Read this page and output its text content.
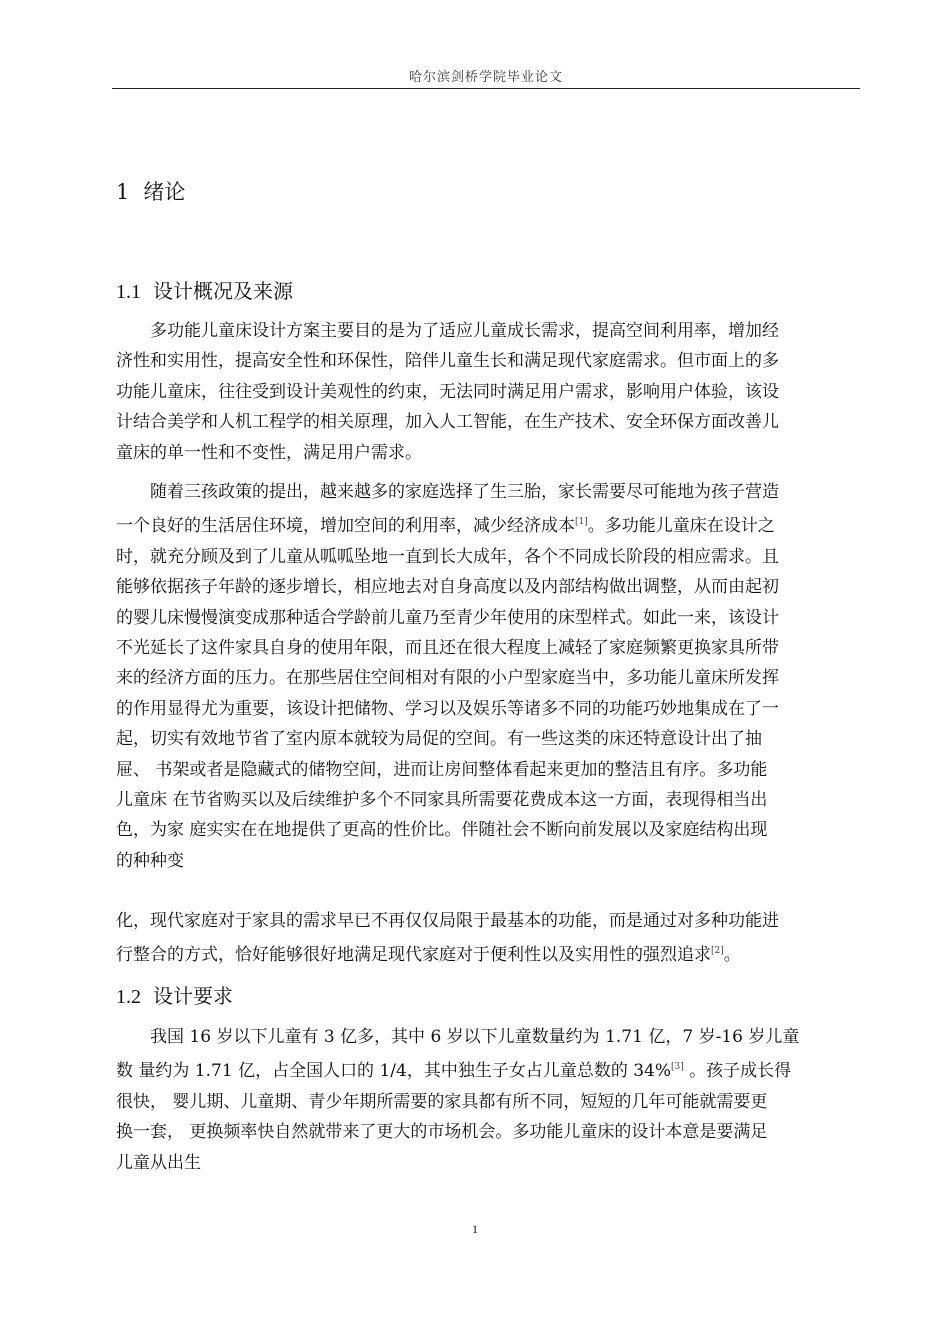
哈尔滨剑桥学院毕业论文
1 绪论
1.1 设计概况及来源
多功能儿童床设计方案主要目的是为了适应儿童成长需求，提高空间利用率，增加经
济性和实用性，提高安全性和环保性，陪伴儿童生长和满足现代家庭需求。但市面上的多
功能儿童床，往往受到设计美观性的约束，无法同时满足用户需求，影响用户体验，该设
计结合美学和人机工程学的相关原理，加入人工智能，在生产技术、安全环保方面改善儿
童床的单一性和不变性，满足用户需求。
随着三孩政策的提出，越来越多的家庭选择了生三胎，家长需要尽可能地为孩子营造
一个良好的生活居住环境，增加空间的利用率，减少经济成本[1]。多功能儿童床在设计之
时，就充分顾及到了儿童从呱呱坠地一直到长大成年，各个不同成长阶段的相应需求。且
能够依据孩子年龄的逐步增长，相应地去对自身高度以及内部结构做出调整，从而由起初
的婴儿床慢慢演变成那种适合学龄前儿童乃至青少年使用的床型样式。如此一来，该设计
不光延长了这件家具自身的使用年限，而且还在很大程度上减轻了家庭频繁更换家具所带
来的经济方面的压力。在那些居住空间相对有限的小户型家庭当中，多功能儿童床所发挥
的作用显得尤为重要，该设计把储物、学习以及娱乐等诸多不同的功能巧妙地集成在了一
起，切实有效地节省了室内原本就较为局促的空间。有一些这类的床还特意设计出了抽
屉、 书架或者是隐藏式的储物空间，进而让房间整体看起来更加的整洁且有序。多功能
儿童床 在节省购买以及后续维护多个不同家具所需要花费成本这一方面，表现得相当出
色，为家 庭实实在在地提供了更高的性价比。伴随社会不断向前发展以及家庭结构出现
的种种变
化，现代家庭对于家具的需求早已不再仅仅局限于最基本的功能，而是通过对多种功能进
行整合的方式，恰好能够很好地满足现代家庭对于便利性以及实用性的强烈追求[2]。
1.2 设计要求
我国 16 岁以下儿童有 3 亿多，其中 6 岁以下儿童数量约为 1.71 亿，7 岁-16 岁儿童
数 量约为 1.71 亿，占全国人口的 1/4，其中独生子女占儿童总数的 34%[3] 。孩子成长得
很快， 婴儿期、儿童期、青少年期所需要的家具都有所不同，短短的几年可能就需要更
换一套， 更换频率快自然就带来了更大的市场机会。多功能儿童床的设计本意是要满足
儿童从出生
1
